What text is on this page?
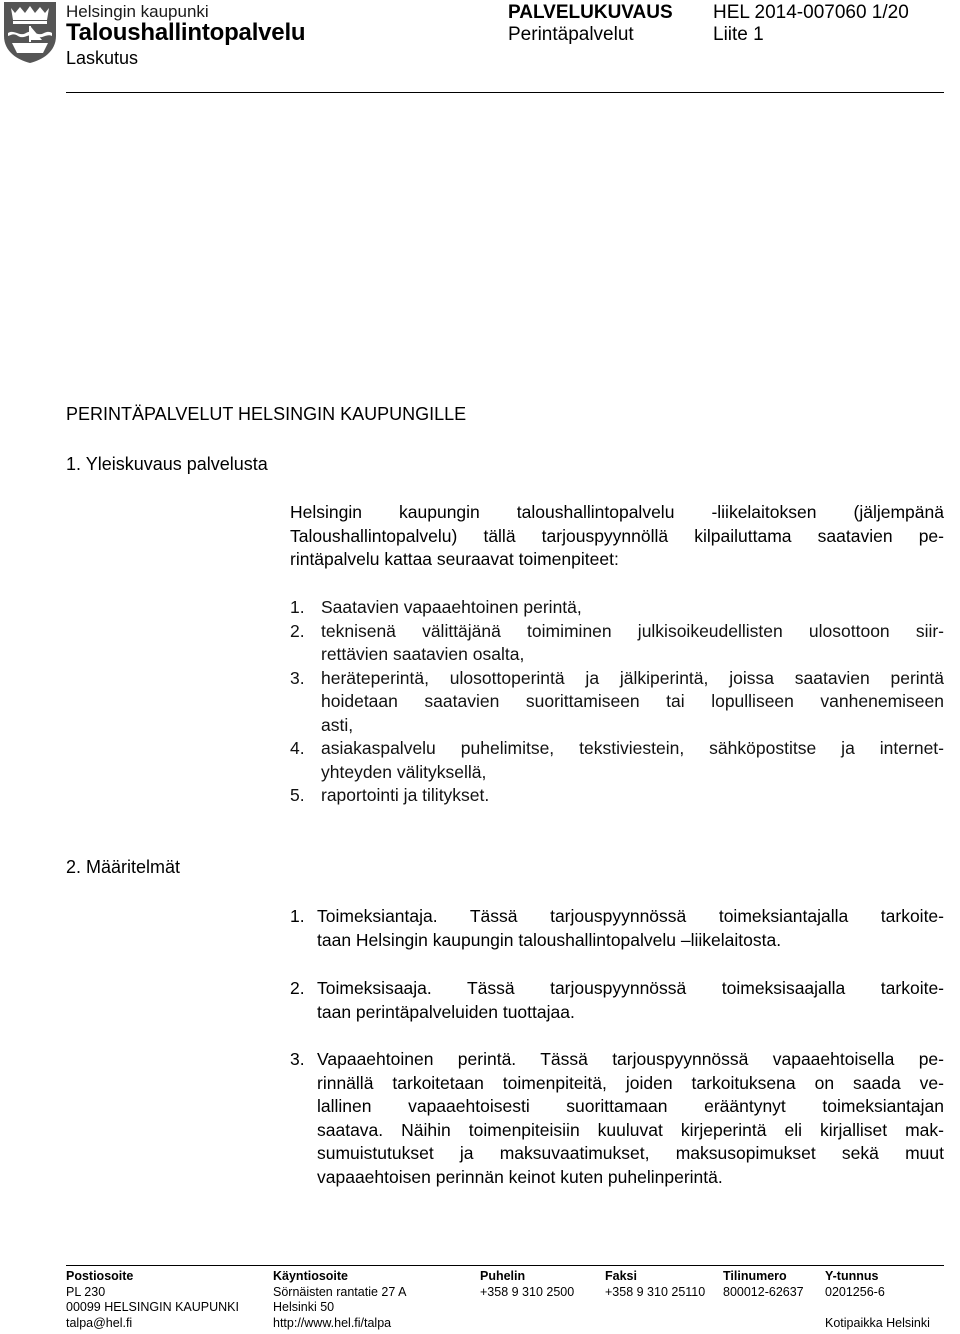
Helsingin kaupunki
Taloushallintopalvelu
Laskutus
PALVELUKUVAUS HEL 2014-007060 1/20
Perintäpalvelut	Liite 1
PERINTÄPALVELUT HELSINGIN KAUPUNGILLE
1. Yleiskuvaus palvelusta
Helsingin kaupungin taloushallintopalvelu -liikelaitoksen (jäljempänä
Taloushallintopalvelu) tällä tarjouspyynnöllä kilpailuttama saatavien pe-
rintäpalvelu kattaa seuraavat toimenpiteet:
1. Saatavien vapaaehtoinen perintä,
2. teknisenä välittäjänä toimiminen julkisoikeudellisten ulosottoon siir-
rettävien saatavien osalta,
3. heräteperintä, ulosottoperintä ja jälkiperintä, joissa saatavien perintä
hoidetaan saatavien suorittamiseen tai lopulliseen vanhenemiseen
asti,
4. asiakaspalvelu puhelimitse, tekstiviestein, sähköpostitse ja internet-
yhteyden välityksellä,
5. raportointi ja tilitykset.
2. Määritelmät
1. Toimeksiantaja. Tässä tarjouspyynnössä toimeksiantajalla tarkoite-
taan Helsingin kaupungin taloushallintopalvelu –liikelaitosta.
2. Toimeksisaaja. Tässä tarjouspyynnössä toimeksisaajalla tarkoite-
taan perintäpalveluiden tuottajaa.
3. Vapaaehtoinen perintä. Tässä tarjouspyynnössä vapaaehtoisella pe-
rinnällä tarkoitetaan toimenpiteitä, joiden tarkoituksena on saada ve-
lallinen vapaaehtoisesti suorittamaan erääntynyt toimeksiantajan
saatava. Näihin toimenpiteisiin kuuluvat kirjeperintä eli kirjalliset mak-
sumuistutukset ja maksuvaatimukset, maksusopimukset sekä muut
vapaaehtoisen perinnän keinot kuten puhelinperintä.
Postiosoite
PL 230
00099 HELSINGIN KAUPUNKI
talpa@hel.fi
Käyntiosoite
Sörnäisten rantatie 27 A
Helsinki 50
http://www.hel.fi/talpa
Puhelin
+358 9 310 2500
Faksi
+358 9 310 25110
Tilinumero
800012-62637
Y-tunnus
0201256-6

Kotipaikka Helsinki
